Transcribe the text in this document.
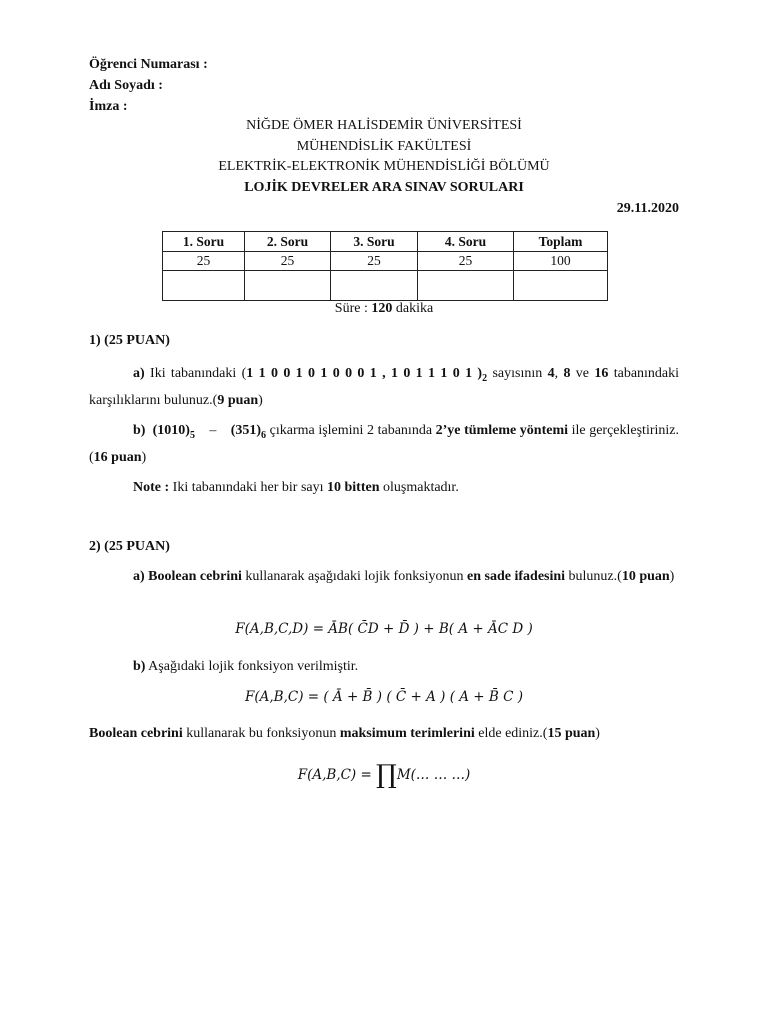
Öğrenci Numarası :
Adı Soyadı :
İmza :
NİĞDE ÖMER HALİSDEMİR ÜNİVERSİTESİ
MÜHENDİSLİK FAKÜLTESİ
ELEKTRİK-ELEKTRONİK MÜHENDİSLİĞİ BÖLÜMÜ
LOJİK DEVRELER ARA SINAV SORULARI
29.11.2020
1. Soru	2. Soru	3. Soru	4. Soru	Toplam
25	25	25	25	100

Süre : 120 dakika
1) (25 PUAN)

a) Iki tabanındaki (1 1 0 0 1 0 1 0 0 0 1 , 1 0 1 1 1 0 1 )$_2$ sayısının 4, 8 ve 16 tabanındaki karşılıklarını bulunuz.(9 puan)

b) $(1010)_5 - (351)_6$ çıkarma işlemini 2 tabanında 2’ye tümleme yöntemi ile gerçekleştiriniz.(16 puan)

Note : Iki tabanındaki her bir sayı 10 bitten oluşmaktadır.

2) (25 PUAN)

a) Boolean cebrini kullanarak aşağıdaki lojik fonksiyonun en sade ifadesini bulunuz.(10 puan)

F(A,B,C,D) = ĀB( C̄D + D̄ ) + B( A + ĀC D )

b) Aşağıdaki lojik fonksiyon verilmiştir.

F(A,B,C) = ( Ā + B̄ ) ( C̄ + A ) ( A + B̄ C )

Boolean cebrini kullanarak bu fonksiyonun maksimum terimlerini elde ediniz.(15 puan)

F(A,B,C) = ∏M(… … …)
